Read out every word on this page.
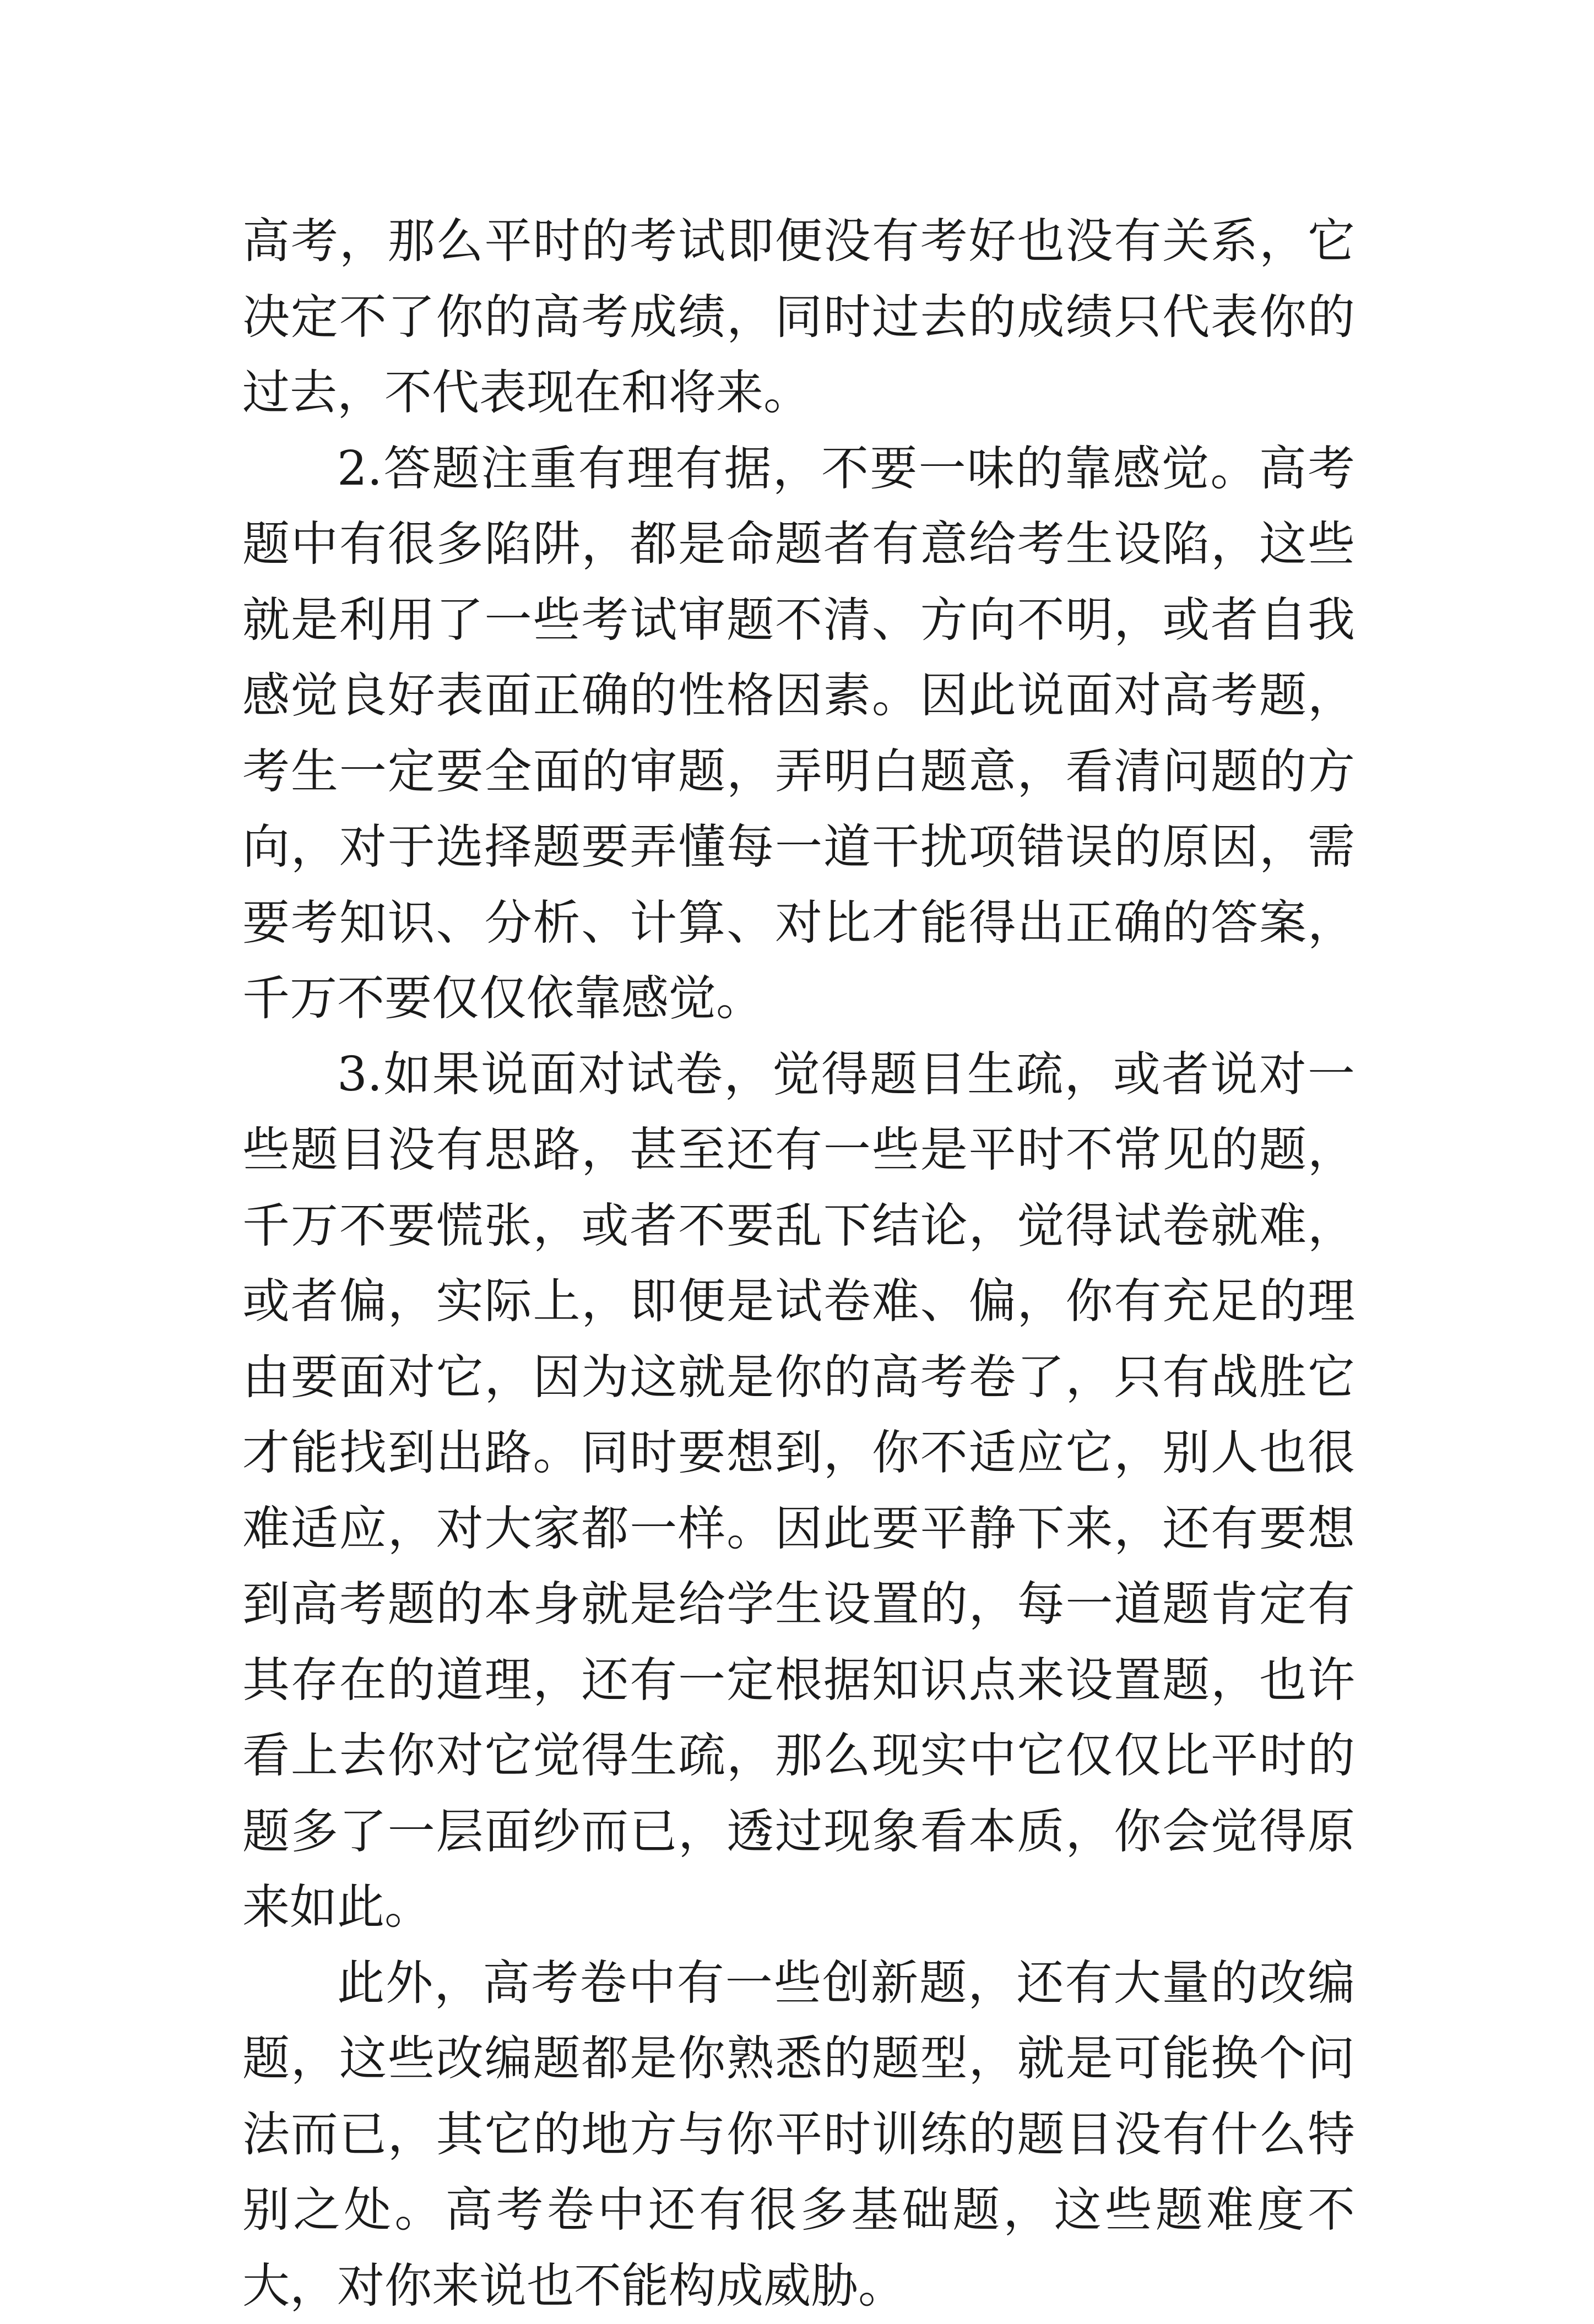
高考，那么平时的考试即便没有考好也没有关系，它决定不了你的高考成绩，同时过去的成绩只代表你的过去，不代表现在和将来。

2.答题注重有理有据，不要一味的靠感觉。高考题中有很多陷阱，都是命题者有意给考生设陷，这些就是利用了一些考试审题不清、方向不明，或者自我感觉良好表面正确的性格因素。因此说面对高考题，考生一定要全面的审题，弄明白题意，看清问题的方向，对于选择题要弄懂每一道干扰项错误的原因，需要考知识、分析、计算、对比才能得出正确的答案，千万不要仅仅依靠感觉。

3.如果说面对试卷，觉得题目生疏，或者说对一些题目没有思路，甚至还有一些是平时不常见的题，千万不要慌张，或者不要乱下结论，觉得试卷就难，或者偏，实际上，即便是试卷难、偏，你有充足的理由要面对它，因为这就是你的高考卷了，只有战胜它才能找到出路。同时要想到，你不适应它，别人也很难适应，对大家都一样。因此要平静下来，还有要想到高考题的本身就是给学生设置的，每一道题肯定有其存在的道理，还有一定根据知识点来设置题，也许看上去你对它觉得生疏，那么现实中它仅仅比平时的题多了一层面纱而已，透过现象看本质，你会觉得原来如此。

此外，高考卷中有一些创新题，还有大量的改编题，这些改编题都是你熟悉的题型，就是可能换个问法而已，其它的地方与你平时训练的题目没有什么特别之处。高考卷中还有很多基础题，这些题难度不大，对你来说也不能构成威胁。
